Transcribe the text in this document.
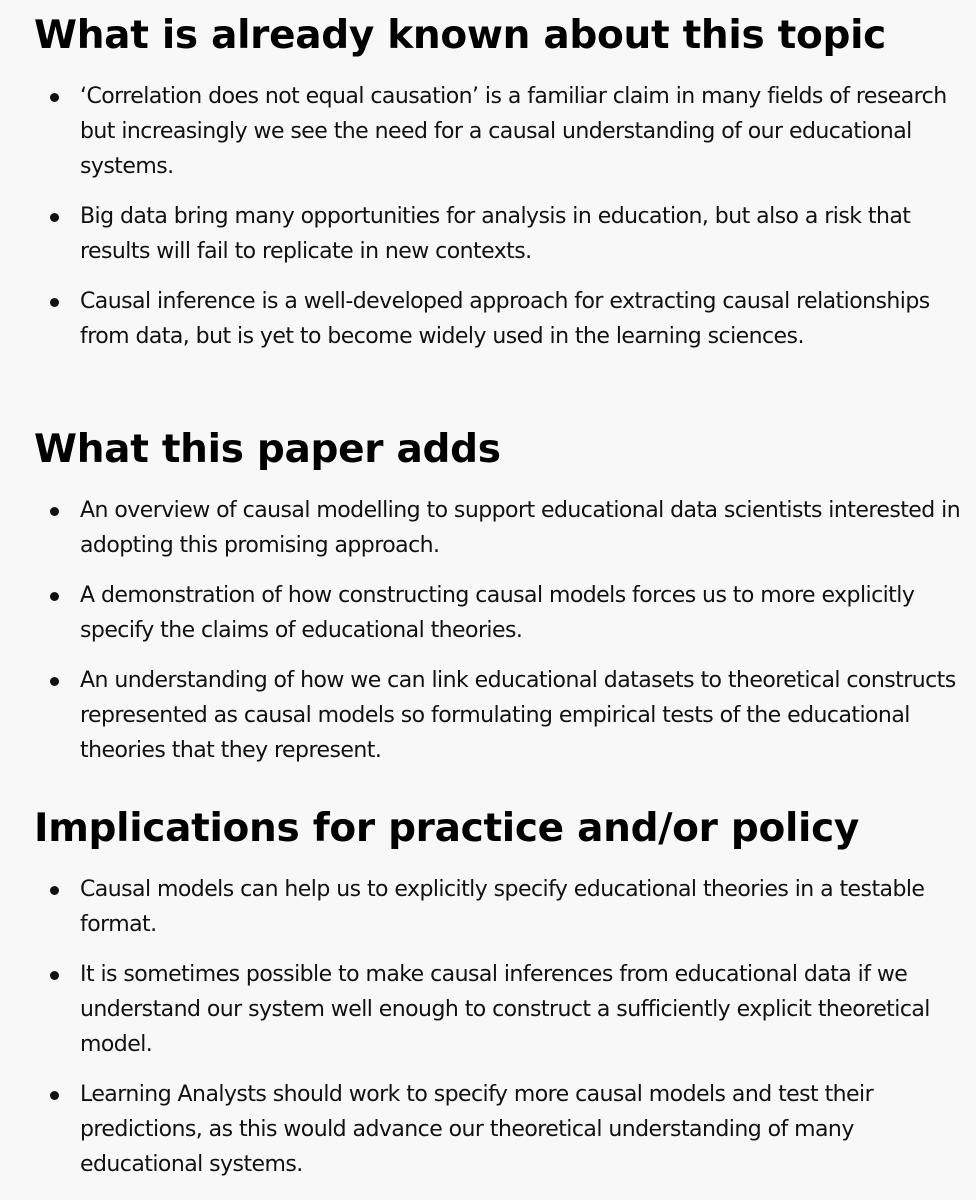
What is already known about this topic

‘Correlation does not equal causation’ is a familiar claim in many fields of research but increasingly we see the need for a causal understanding of our educational systems.

Big data bring many opportunities for analysis in education, but also a risk that results will fail to replicate in new contexts.

Causal inference is a well-developed approach for extracting causal relationships from data, but is yet to become widely used in the learning sciences.

What this paper adds

An overview of causal modelling to support educational data scientists interested in adopting this promising approach.

A demonstration of how constructing causal models forces us to more explicitly specify the claims of educational theories.

An understanding of how we can link educational datasets to theoretical constructs represented as causal models so formulating empirical tests of the educational theories that they represent.

Implications for practice and/or policy

Causal models can help us to explicitly specify educational theories in a testable format.

It is sometimes possible to make causal inferences from educational data if we understand our system well enough to construct a sufficiently explicit theoretical model.

Learning Analysts should work to specify more causal models and test their predictions, as this would advance our theoretical understanding of many educational systems.
